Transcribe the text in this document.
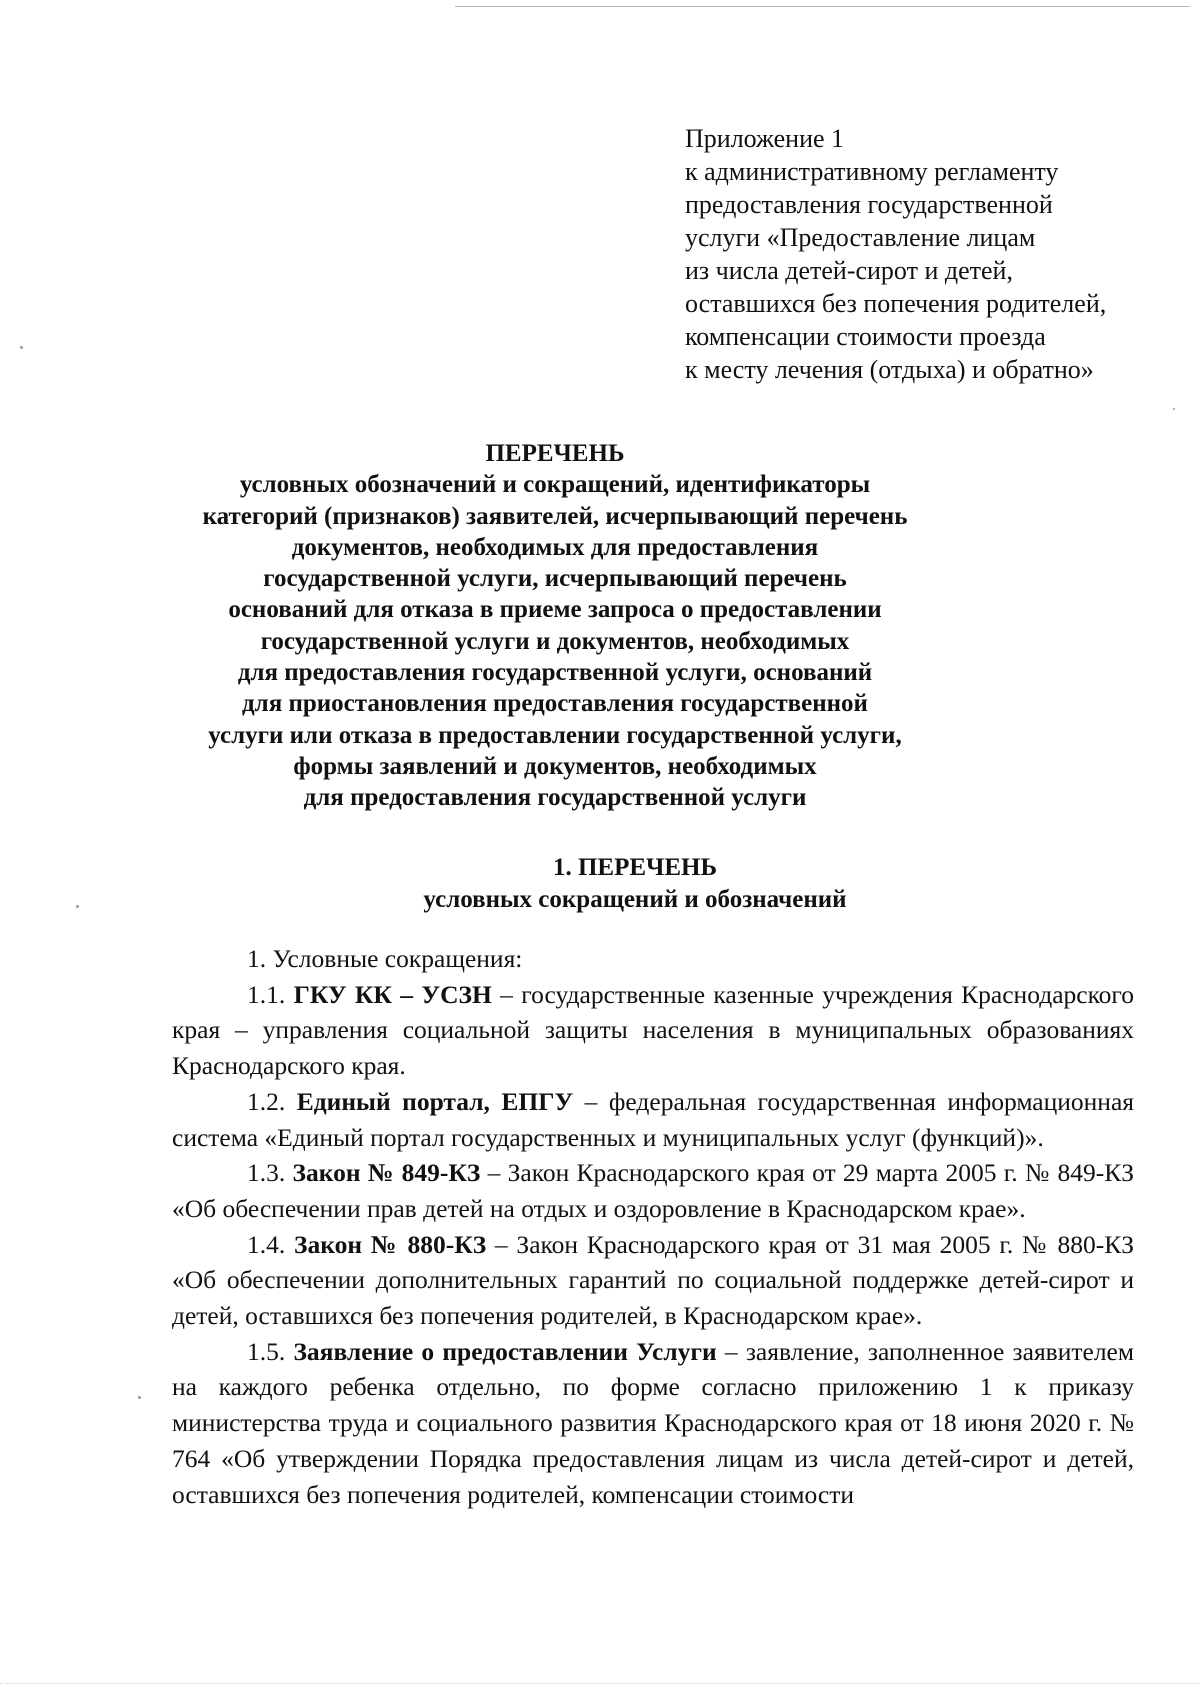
Приложение 1
к административному регламенту
предоставления государственной
услуги «Предоставление лицам
из числа детей-сирот и детей,
оставшихся без попечения родителей,
компенсации стоимости проезда
к месту лечения (отдыха) и обратно»
ПЕРЕЧЕНЬ
условных обозначений и сокращений, идентификаторы
категорий (признаков) заявителей, исчерпывающий перечень
документов, необходимых для предоставления
государственной услуги, исчерпывающий перечень
оснований для отказа в приеме запроса о предоставлении
государственной услуги и документов, необходимых
для предоставления государственной услуги, оснований
для приостановления предоставления государственной
услуги или отказа в предоставлении государственной услуги,
формы заявлений и документов, необходимых
для предоставления государственной услуги
1. ПЕРЕЧЕНЬ
условных сокращений и обозначений
1. Условные сокращения:
1.1. ГКУ КК – УСЗН – государственные казенные учреждения Краснодарского края – управления социальной защиты населения в муниципальных образованиях Краснодарского края.
1.2. Единый портал, ЕПГУ – федеральная государственная информационная система «Единый портал государственных и муниципальных услуг (функций)».
1.3. Закон № 849-КЗ – Закон Краснодарского края от 29 марта 2005 г. № 849-КЗ «Об обеспечении прав детей на отдых и оздоровление в Краснодарском крае».
1.4. Закон № 880-КЗ – Закон Краснодарского края от 31 мая 2005 г. № 880-КЗ «Об обеспечении дополнительных гарантий по социальной поддержке детей-сирот и детей, оставшихся без попечения родителей, в Краснодарском крае».
1.5. Заявление о предоставлении Услуги – заявление, заполненное заявителем на каждого ребенка отдельно, по форме согласно приложению 1 к приказу министерства труда и социального развития Краснодарского края от 18 июня 2020 г. № 764 «Об утверждении Порядка предоставления лицам из числа детей-сирот и детей, оставшихся без попечения родителей, компенсации стоимости
